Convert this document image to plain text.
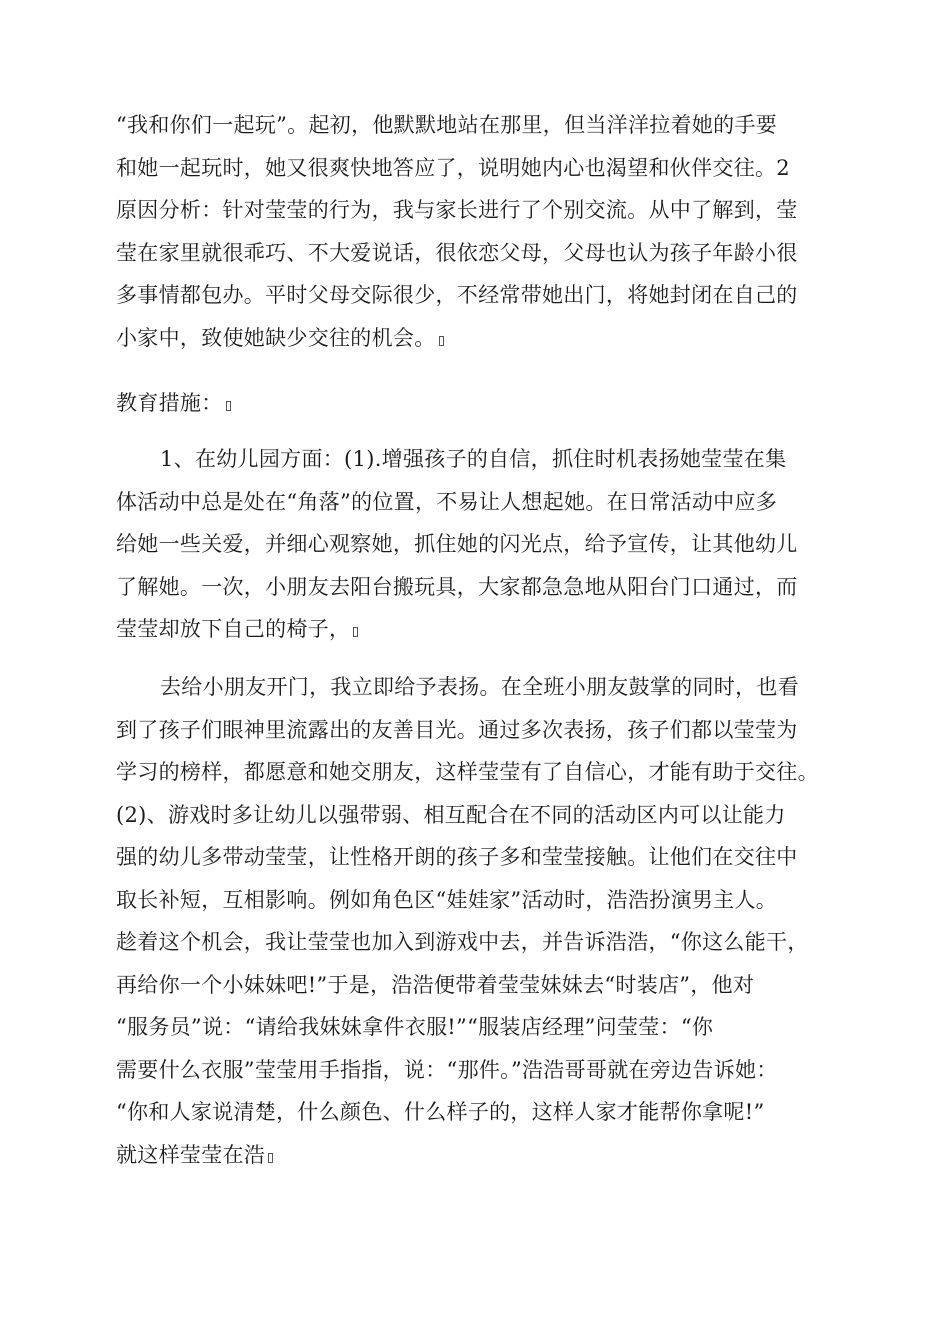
“我和你们一起玩”。起初，他默默地站在那里，但当洋洋拉着她的手要
和她一起玩时，她又很爽快地答应了，说明她内心也渴望和伙伴交往。2
原因分析：针对莹莹的行为，我与家长进行了个别交流。从中了解到，莹
莹在家里就很乖巧、不大爱说话，很依恋父母，父母也认为孩子年龄小很
多事情都包办。平时父母交际很少，不经常带她出门，将她封闭在自己的
小家中，致使她缺少交往的机会。

教育措施：

1、在幼儿园方面：(1).增强孩子的自信，抓住时机表扬她莹莹在集
体活动中总是处在“角落”的位置，不易让人想起她。在日常活动中应多
给她一些关爱，并细心观察她，抓住她的闪光点，给予宣传，让其他幼儿
了解她。一次，小朋友去阳台搬玩具，大家都急急地从阳台门口通过，而
莹莹却放下自己的椅子，

去给小朋友开门，我立即给予表扬。在全班小朋友鼓掌的同时，也看
到了孩子们眼神里流露出的友善目光。通过多次表扬，孩子们都以莹莹为
学习的榜样，都愿意和她交朋友，这样莹莹有了自信心，才能有助于交往。
(2)、游戏时多让幼儿以强带弱、相互配合在不同的活动区内可以让能力
强的幼儿多带动莹莹，让性格开朗的孩子多和莹莹接触。让他们在交往中
取长补短，互相影响。例如角色区“娃娃家”活动时，浩浩扮演男主人。
趁着这个机会，我让莹莹也加入到游戏中去，并告诉浩浩，“你这么能干，
再给你一个小妹妹吧!”于是，浩浩便带着莹莹妹妹去“时装店”，他对
“服务员”说：“请给我妹妹拿件衣服!”“服装店经理”问莹莹：“你
需要什么衣服”莹莹用手指指，说：“那件。”浩浩哥哥就在旁边告诉她：
“你和人家说清楚，什么颜色、什么样子的，这样人家才能帮你拿呢!”
就这样莹莹在浩
